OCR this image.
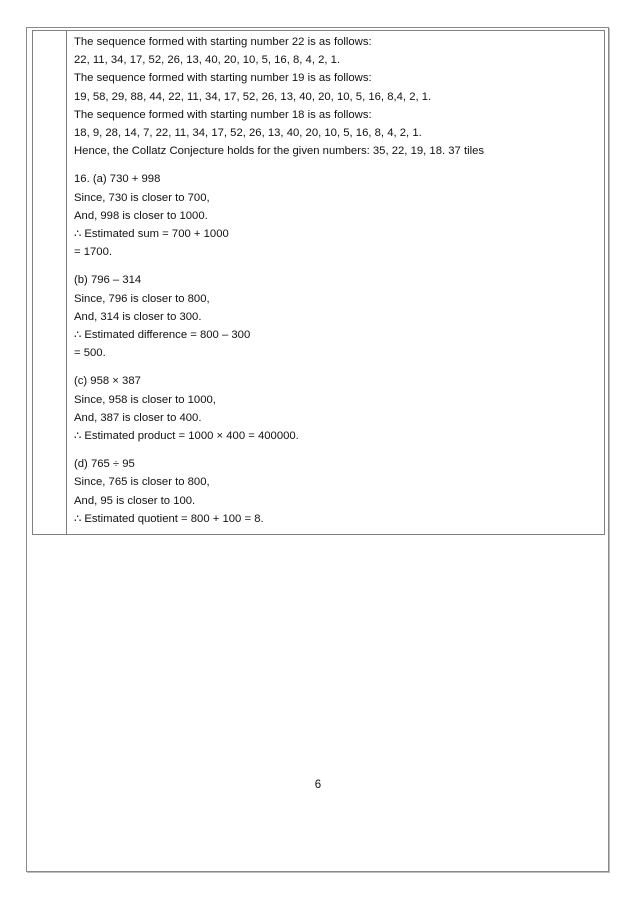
The sequence formed with starting number 22 is as follows:

22, 11, 34, 17, 52, 26, 13, 40, 20, 10, 5, 16, 8, 4, 2, 1.

The sequence formed with starting number 19 is as follows:

19, 58, 29, 88, 44, 22, 11, 34, 17, 52, 26, 13, 40, 20, 10, 5, 16, 8,4, 2, 1.

The sequence formed with starting number 18 is as follows:

18, 9, 28, 14, 7, 22, 11, 34, 17, 52, 26, 13, 40, 20, 10, 5, 16, 8, 4, 2, 1.

Hence, the Collatz Conjecture holds for the given numbers: 35, 22, 19, 18. 37 tiles

16. (a) 730 + 998

Since, 730 is closer to 700,

And, 998 is closer to 1000.

∴ Estimated sum = 700 + 1000

= 1700.

(b) 796 – 314

Since, 796 is closer to 800,

And, 314 is closer to 300.

∴ Estimated difference = 800 – 300

= 500.

(c) 958 × 387

Since, 958 is closer to 1000,

And, 387 is closer to 400.

∴ Estimated product = 1000 × 400 = 400000.

(d) 765 ÷ 95

Since, 765 is closer to 800,

And, 95 is closer to 100.

∴ Estimated quotient = 800 + 100 = 8.

6
